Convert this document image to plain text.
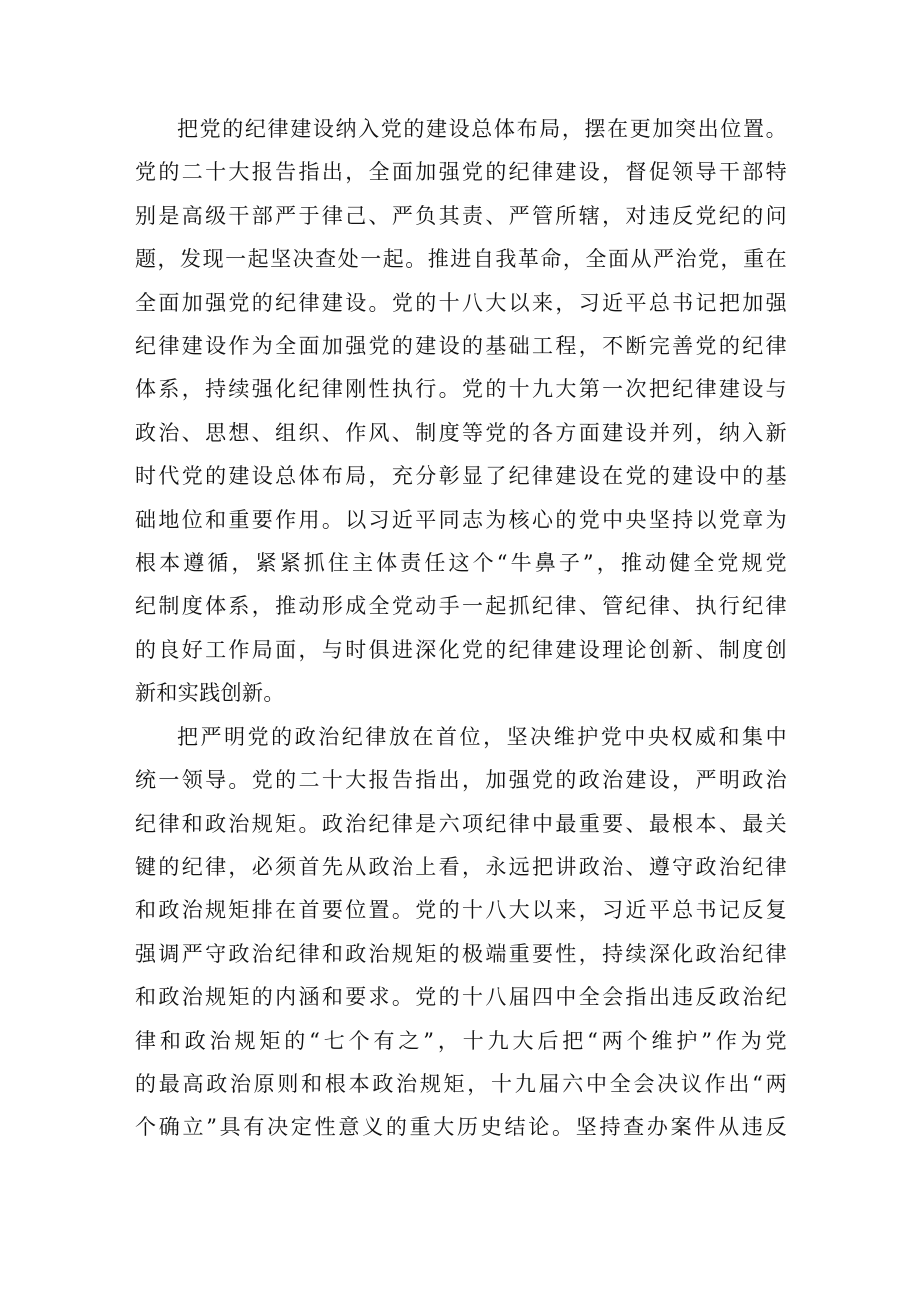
把党的纪律建设纳入党的建设总体布局，摆在更加突出位置。
党的二十大报告指出，全面加强党的纪律建设，督促领导干部特
别是高级干部严于律己、严负其责、严管所辖，对违反党纪的问
题，发现一起坚决查处一起。推进自我革命，全面从严治党，重在
全面加强党的纪律建设。党的十八大以来，习近平总书记把加强
纪律建设作为全面加强党的建设的基础工程，不断完善党的纪律
体系，持续强化纪律刚性执行。党的十九大第一次把纪律建设与
政治、思想、组织、作风、制度等党的各方面建设并列，纳入新
时代党的建设总体布局，充分彰显了纪律建设在党的建设中的基
础地位和重要作用。以习近平同志为核心的党中央坚持以党章为
根本遵循，紧紧抓住主体责任这个“牛鼻子”，推动健全党规党
纪制度体系，推动形成全党动手一起抓纪律、管纪律、执行纪律
的良好工作局面，与时俱进深化党的纪律建设理论创新、制度创
新和实践创新。
把严明党的政治纪律放在首位，坚决维护党中央权威和集中
统一领导。党的二十大报告指出，加强党的政治建设，严明政治
纪律和政治规矩。政治纪律是六项纪律中最重要、最根本、最关
键的纪律，必须首先从政治上看，永远把讲政治、遵守政治纪律
和政治规矩排在首要位置。党的十八大以来，习近平总书记反复
强调严守政治纪律和政治规矩的极端重要性，持续深化政治纪律
和政治规矩的内涵和要求。党的十八届四中全会指出违反政治纪
律和政治规矩的“七个有之”，十九大后把“两个维护”作为党
的最高政治原则和根本政治规矩，十九届六中全会决议作出“两
个确立”具有决定性意义的重大历史结论。坚持查办案件从违反
